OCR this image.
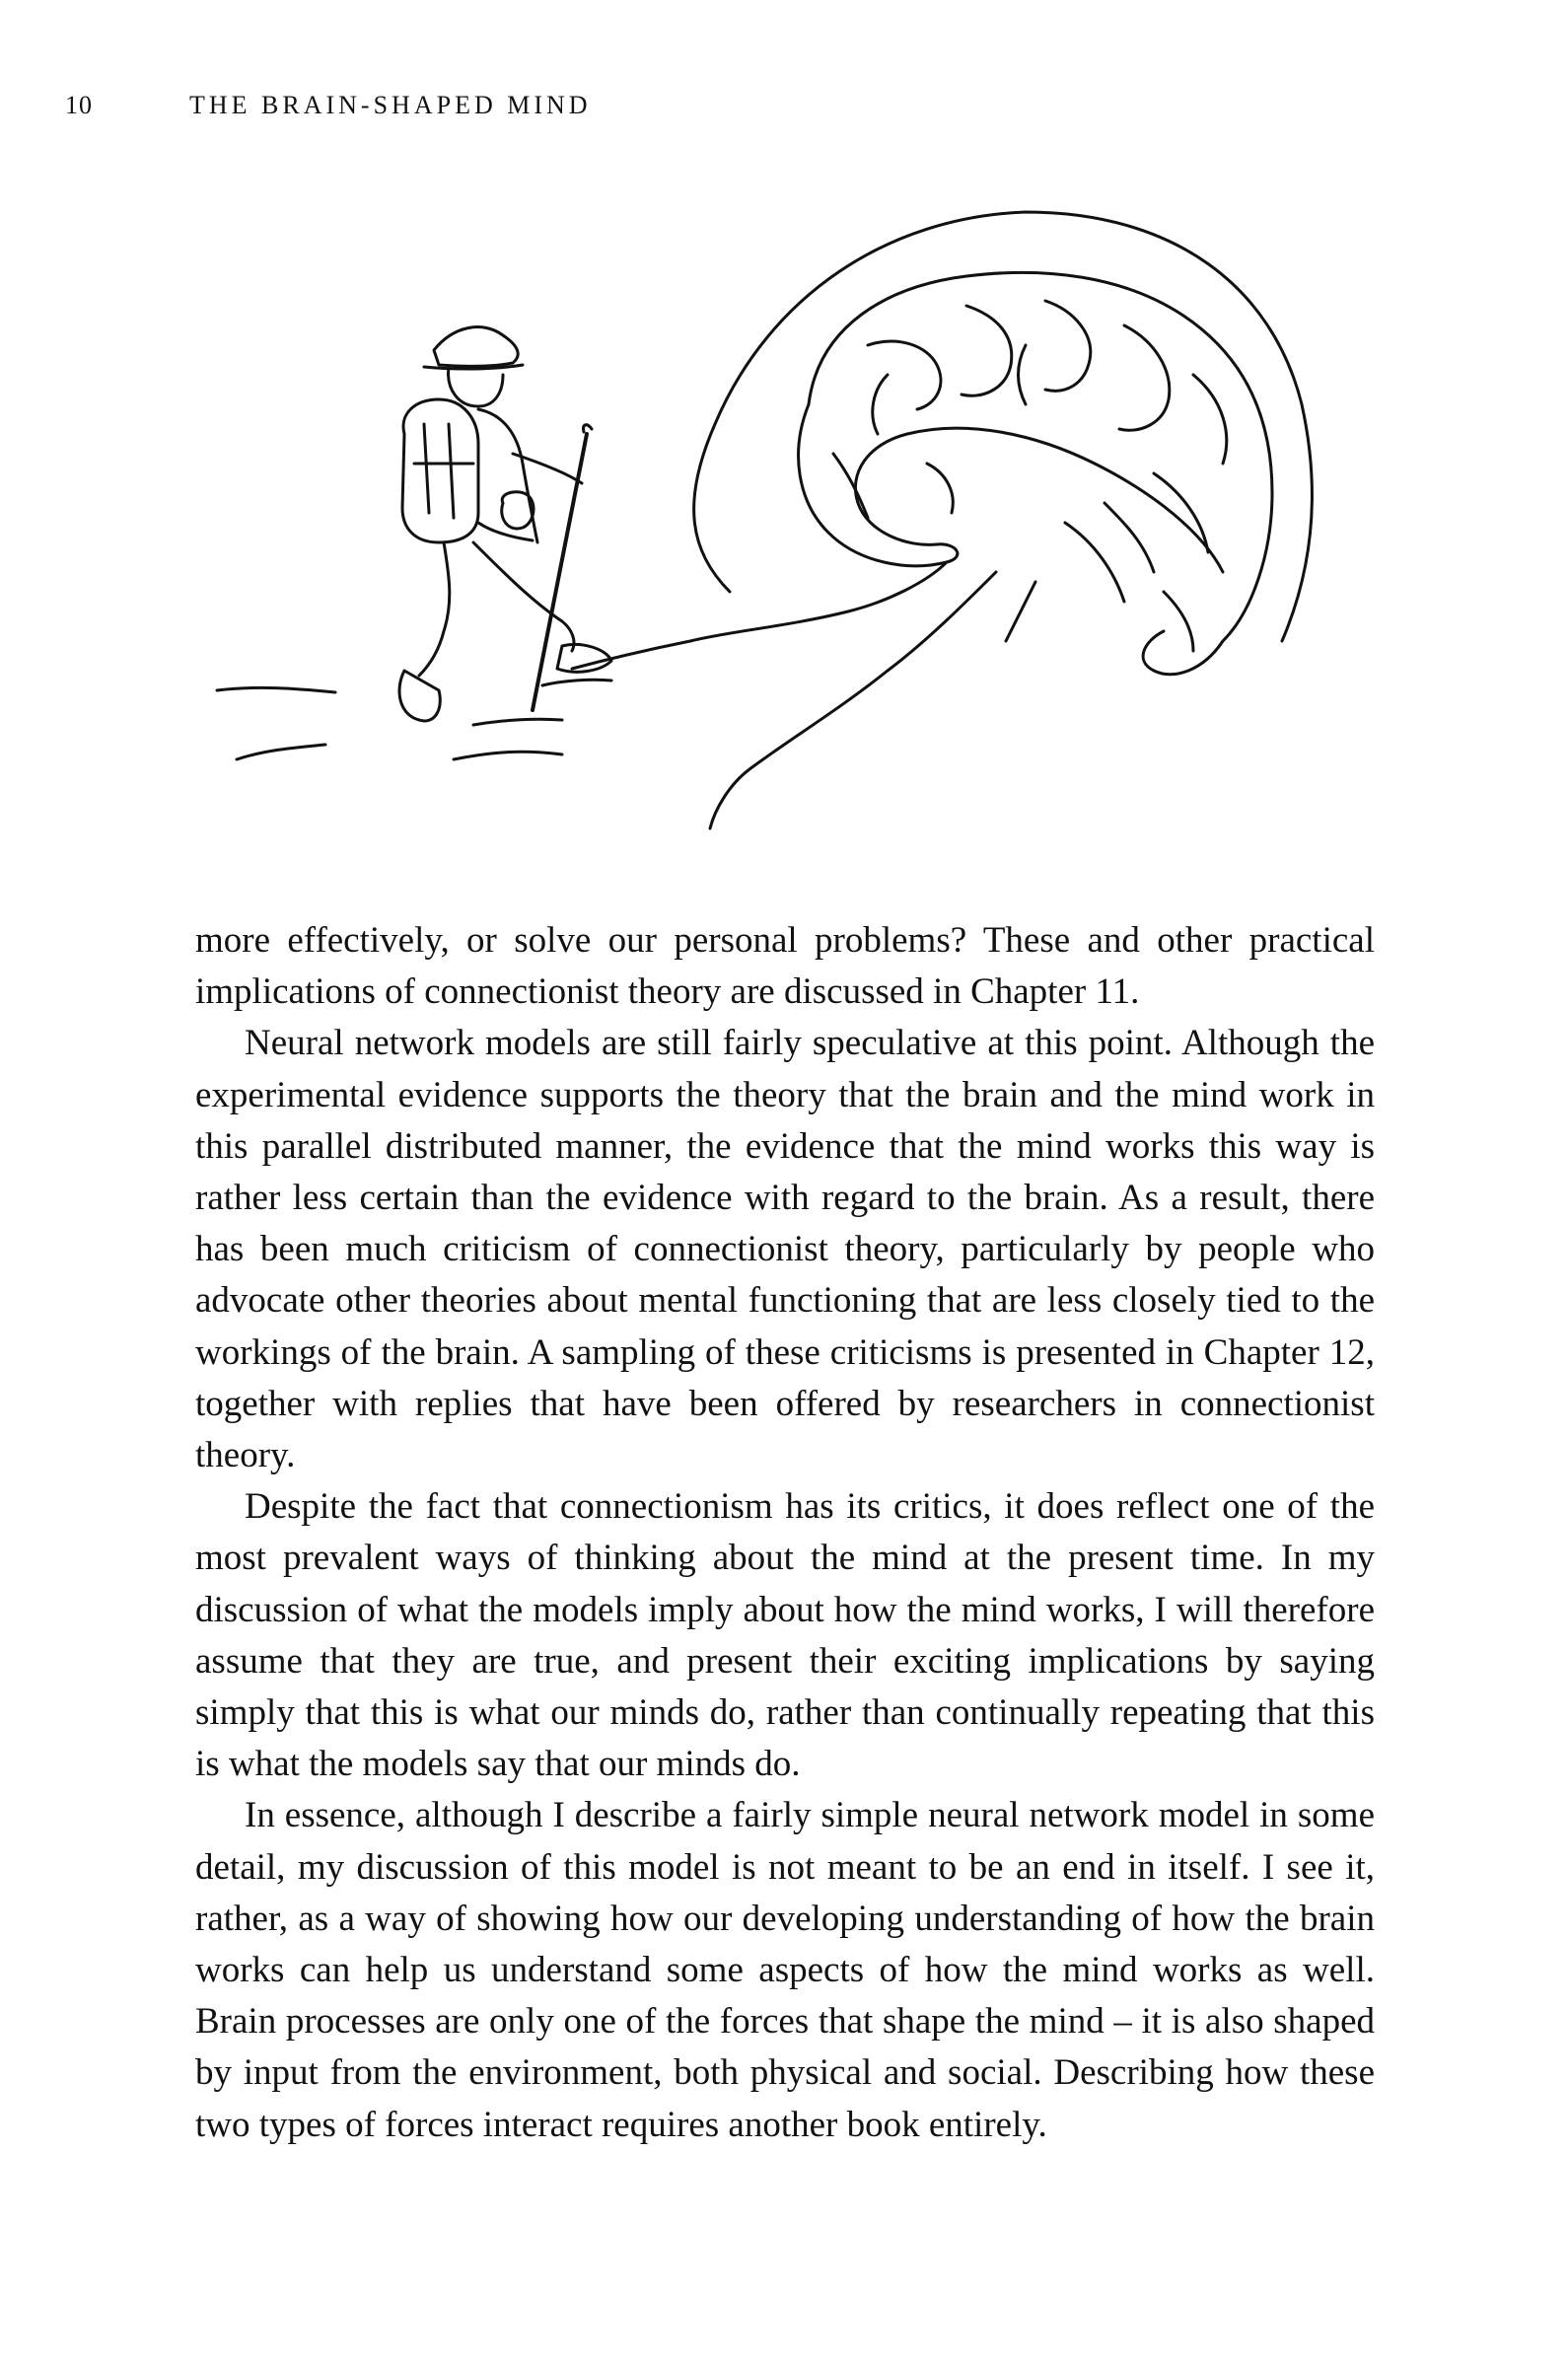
10	THE BRAIN-SHAPED MIND

more effectively, or solve our personal problems? These and other practical implications of connectionist theory are discussed in Chapter 11.

Neural network models are still fairly speculative at this point. Although the experimental evidence supports the theory that the brain and the mind work in this parallel distributed manner, the evidence that the mind works this way is rather less certain than the evidence with regard to the brain. As a result, there has been much criticism of connectionist theory, particularly by people who advocate other theories about mental functioning that are less closely tied to the workings of the brain. A sampling of these criticisms is presented in Chapter 12, together with replies that have been offered by researchers in connectionist theory.

Despite the fact that connectionism has its critics, it does reflect one of the most prevalent ways of thinking about the mind at the present time. In my discussion of what the models imply about how the mind works, I will therefore assume that they are true, and present their exciting implications by saying simply that this is what our minds do, rather than continually repeating that this is what the models say that our minds do.

In essence, although I describe a fairly simple neural network model in some detail, my discussion of this model is not meant to be an end in itself. I see it, rather, as a way of showing how our developing understanding of how the brain works can help us understand some aspects of how the mind works as well. Brain processes are only one of the forces that shape the mind – it is also shaped by input from the environment, both physical and social. Describing how these two types of forces interact requires another book entirely.
